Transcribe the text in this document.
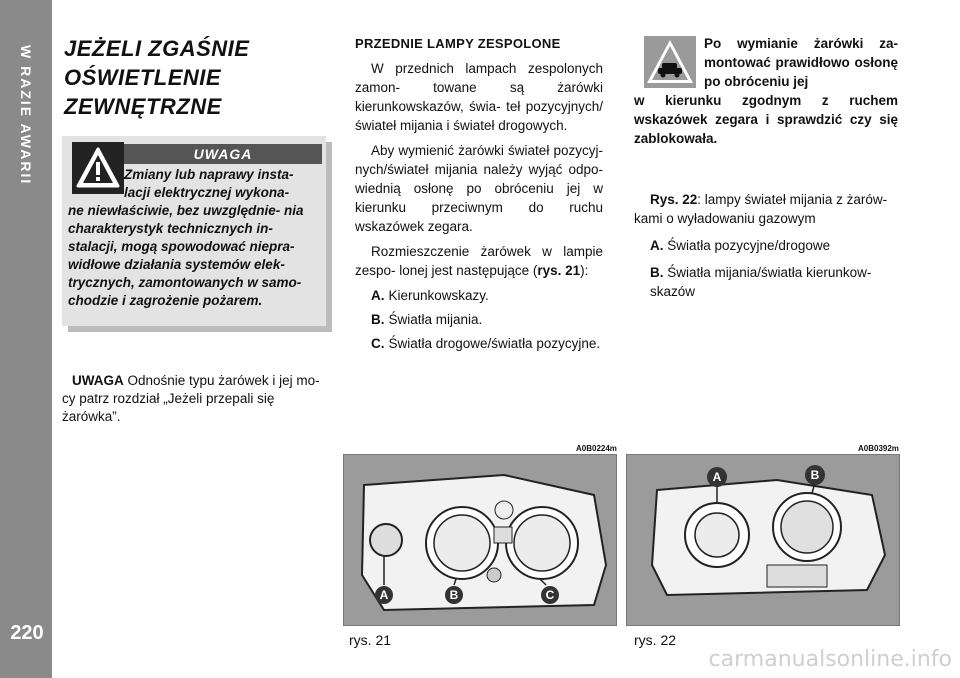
W RAZIE AWARII
220
JEŻELI ZGAŚNIE
OŚWIETLENIE
ZEWNĘTRZNE
UWAGA
Zmiany lub naprawy insta- lacji elektrycznej wykona-
ne niewłaściwie, bez uwzględnie- nia charakterystyk technicznych in- stalacji, mogą spowodować niepra- widłowe działania systemów elek- trycznych, zamontowanych w samo- chodzie i zagrożenie pożarem.
UWAGA Odnośnie typu żarówek i jej mo- cy patrz rozdział „Jeżeli przepali się żarówka”.
PRZEDNIE LAMPY ZESPOLONE

W przednich lampach zespolonych zamon- towane są żarówki kierunkowskazów, świa- teł pozycyjnych/świateł mijania i świateł drogowych.

Aby wymienić żarówki świateł pozycyj- nych/świateł mijania należy wyjąć odpo- wiednią osłonę po obróceniu jej w kierunku przeciwnym do ruchu wskazówek zegara.

Rozmieszczenie żarówek w lampie zespo- lonej jest następujące (rys. 21):

A. Kierunkowskazy.
B. Światła mijania.
C. Światła drogowe/światła pozycyjne.
Po wymianie żarówki za- montować prawidłowo osłonę po obróceniu jej
w kierunku zgodnym z ruchem wskazówek zegara i sprawdzić czy się zablokowała.

Rys. 22: lampy świateł mijania z żarów- kami o wyładowaniu gazowym

A. Światła pozycyjne/drogowe

B. Światła mijania/światła kierunkow- skazów

A0B0224m
A	B	C
rys. 21
A0B0392m
A	B
rys. 22
carmanualsonline.info
